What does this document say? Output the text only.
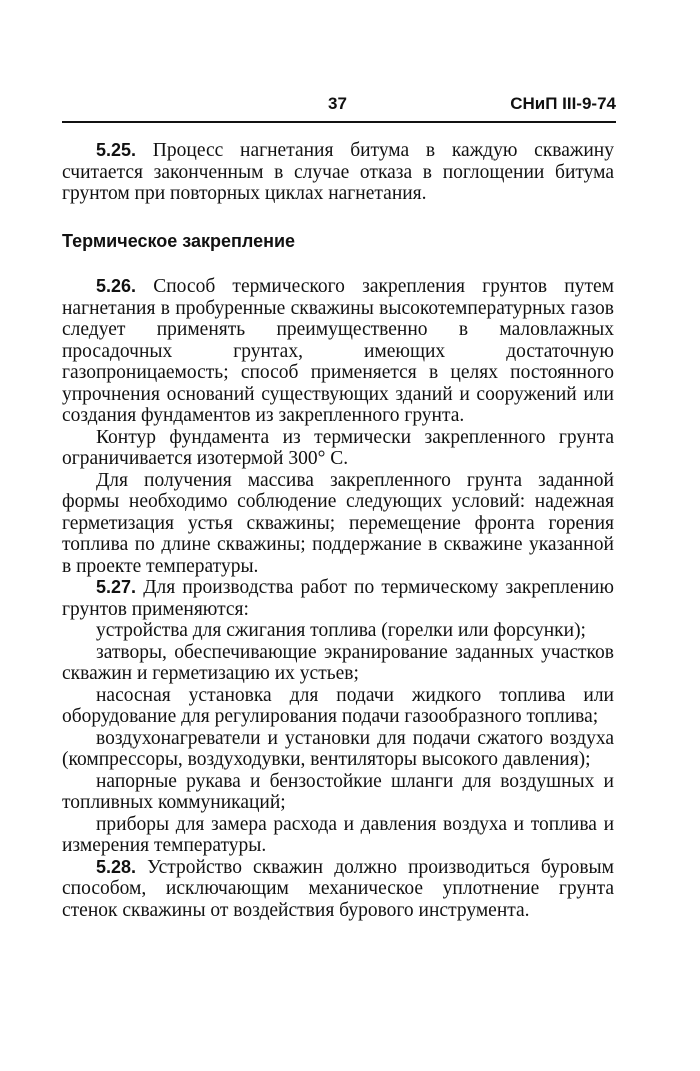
37	СНиП III-9-74

5.25. Процесс нагнетания битума в каждую скважину считается законченным в случае отказа в поглощении битума грунтом при повторных циклах нагнетания.

Термическое закрепление

5.26. Способ термического закрепления грунтов путем нагнетания в пробуренные скважины высокотемпературных газов следует применять преимущественно в маловлажных просадочных грунтах, имеющих достаточную газопроницаемость; способ применяется в целях постоянного упрочнения оснований существующих зданий и сооружений или создания фундаментов из закрепленного грунта.

Контур фундамента из термически закрепленного грунта ограничивается изотермой 300° С.

Для получения массива закрепленного грунта заданной формы необходимо соблюдение следующих условий: надежная герметизация устья скважины; перемещение фронта горения топлива по длине скважины; поддержание в скважине указанной в проекте температуры.

5.27. Для производства работ по термическому закреплению грунтов применяются:

устройства для сжигания топлива (горелки или форсунки);

затворы, обеспечивающие экранирование заданных участков скважин и герметизацию их устьев;

насосная установка для подачи жидкого топлива или оборудование для регулирования подачи газообразного топлива;

воздухонагреватели и установки для подачи сжатого воздуха (компрессоры, воздуходувки, вентиляторы высокого давления);

напорные рукава и бензостойкие шланги для воздушных и топливных коммуникаций;

приборы для замера расхода и давления воздуха и топлива и измерения температуры.

5.28. Устройство скважин должно производиться буровым способом, исключающим механическое уплотнение грунта стенок скважины от воздействия бурового инструмента.
